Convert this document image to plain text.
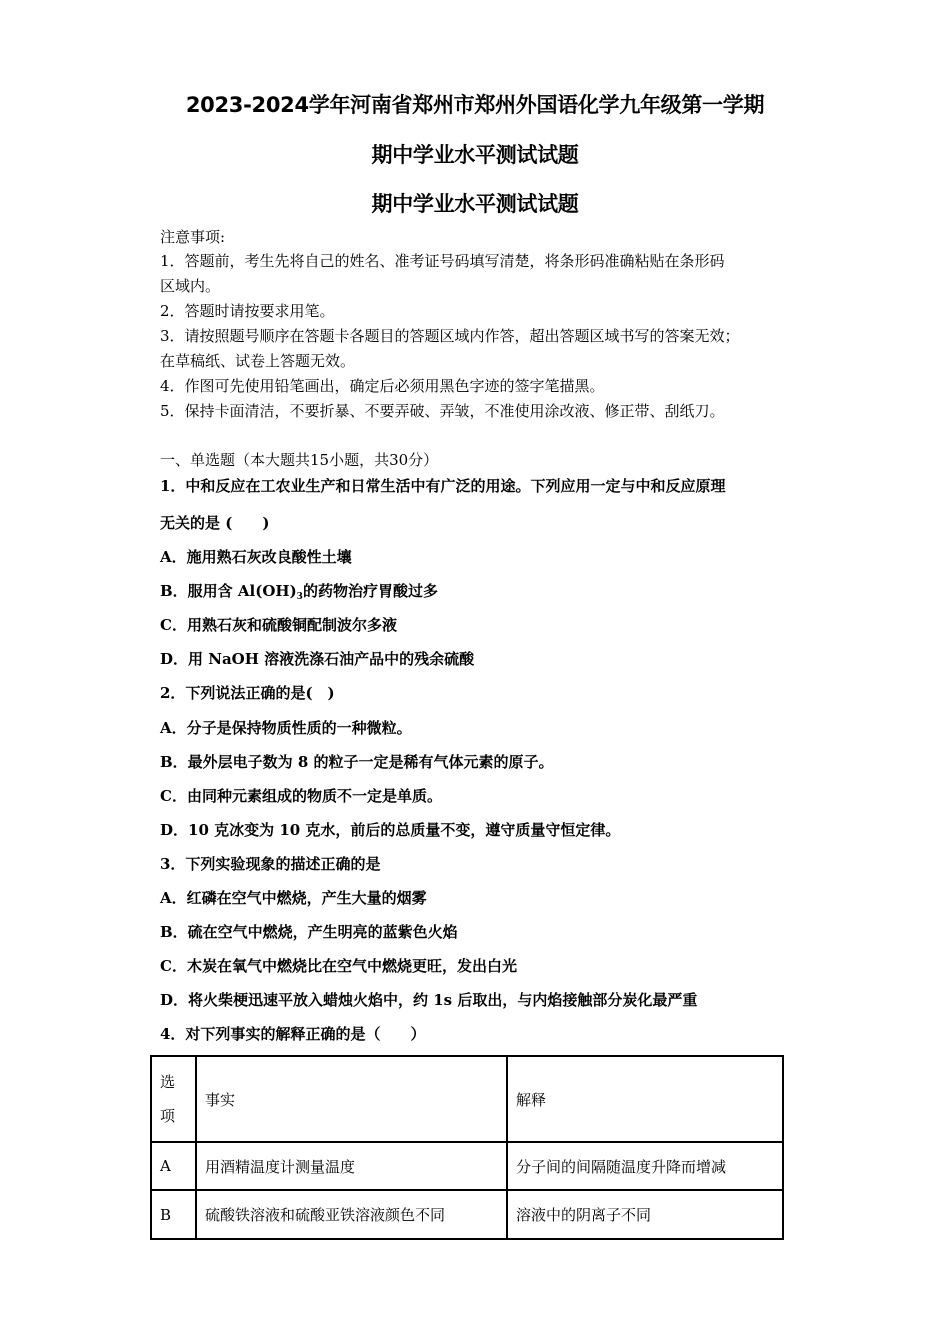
2023-2024学年河南省郑州市郑州外国语化学九年级第一学期
期中学业水平测试试题
期中学业水平测试试题
注意事项:
1．答题前，考生先将自己的姓名、准考证号码填写清楚，将条形码准确粘贴在条形码
区域内。
2．答题时请按要求用笔。
3．请按照题号顺序在答题卡各题目的答题区域内作答，超出答题区域书写的答案无效；
在草稿纸、试卷上答题无效。
4．作图可先使用铅笔画出，确定后必须用黑色字迹的签字笔描黑。
5．保持卡面清洁，不要折暴、不要弄破、弄皱，不准使用涂改液、修正带、刮纸刀。
一、单选题（本大题共15小题，共30分）
1．中和反应在工农业生产和日常生活中有广泛的用途。下列应用一定与中和反应原理
无关的是 (　　)
A．施用熟石灰改良酸性土壤
B．服用含 $Al(OH)_3$的药物治疗胃酸过多
C．用熟石灰和硫酸铜配制波尔多液
D．用 NaOH 溶液洗涤石油产品中的残余硫酸
2．下列说法正确的是(　)
A．分子是保持物质性质的一种微粒。
B．最外层电子数为 8 的粒子一定是稀有气体元素的原子。
C．由同种元素组成的物质不一定是单质。
D．10 克冰变为 10 克水，前后的总质量不变，遵守质量守恒定律。
3．下列实验现象的描述正确的是
A．红磷在空气中燃烧，产生大量的烟雾
B．硫在空气中燃烧，产生明亮的蓝紫色火焰
C．木炭在氧气中燃烧比在空气中燃烧更旺，发出白光
D．将火柴梗迅速平放入蜡烛火焰中，约 1s 后取出，与内焰接触部分炭化最严重
4．对下列事实的解释正确的是（　　）
选
项	事实	解释
A	用酒精温度计测量温度	分子间的间隔随温度升降而增减
B	硫酸铁溶液和硫酸亚铁溶液颜色不同	溶液中的阴离子不同
